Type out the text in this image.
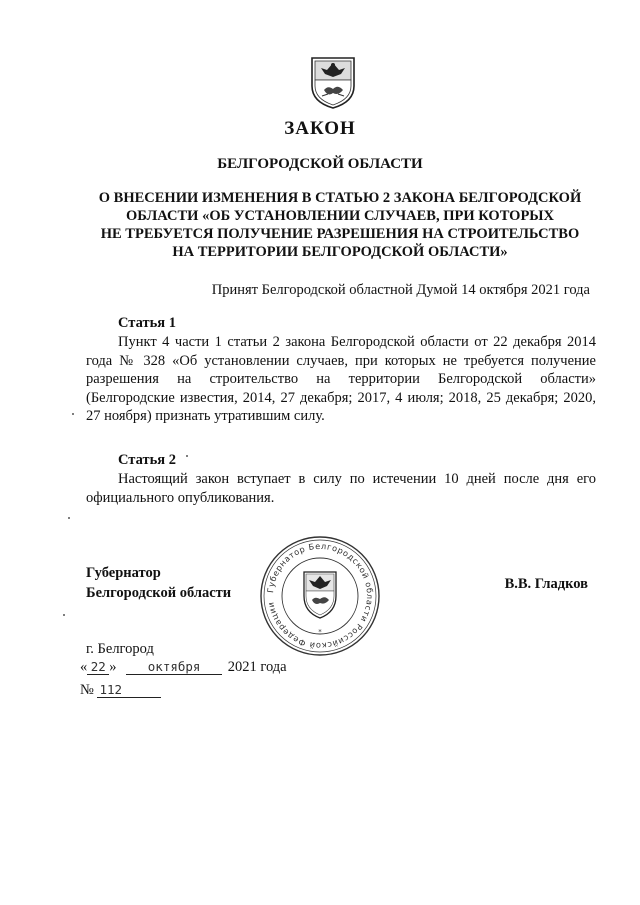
ЗАКОН
БЕЛГОРОДСКОЙ ОБЛАСТИ
О ВНЕСЕНИИ ИЗМЕНЕНИЯ В СТАТЬЮ 2 ЗАКОНА БЕЛГОРОДСКОЙ
ОБЛАСТИ «ОБ УСТАНОВЛЕНИИ СЛУЧАЕВ, ПРИ КОТОРЫХ
НЕ ТРЕБУЕТСЯ ПОЛУЧЕНИЕ РАЗРЕШЕНИЯ НА СТРОИТЕЛЬСТВО
НА ТЕРРИТОРИИ БЕЛГОРОДСКОЙ ОБЛАСТИ»
Принят Белгородской областной Думой 14 октября 2021 года
Статья 1
Пункт 4 части 1 статьи 2 закона Белгородской области от 22 декабря 2014 года № 328 «Об установлении случаев, при которых не требуется получение разрешения на строительство на территории Белгородской области» (Белгородские известия, 2014, 27 декабря; 2017, 4 июля; 2018, 25 декабря; 2020, 27 ноября) признать утратившим силу.
Статья 2
Настоящий закон вступает в силу по истечении 10 дней после дня его официального опубликования.
Губернатор
Белгородской области	Губернатор Белгородской области Российской Федерации
*
В.В. Гладков
г. Белгород
« 22 »	октября 2021 года
№ 112
